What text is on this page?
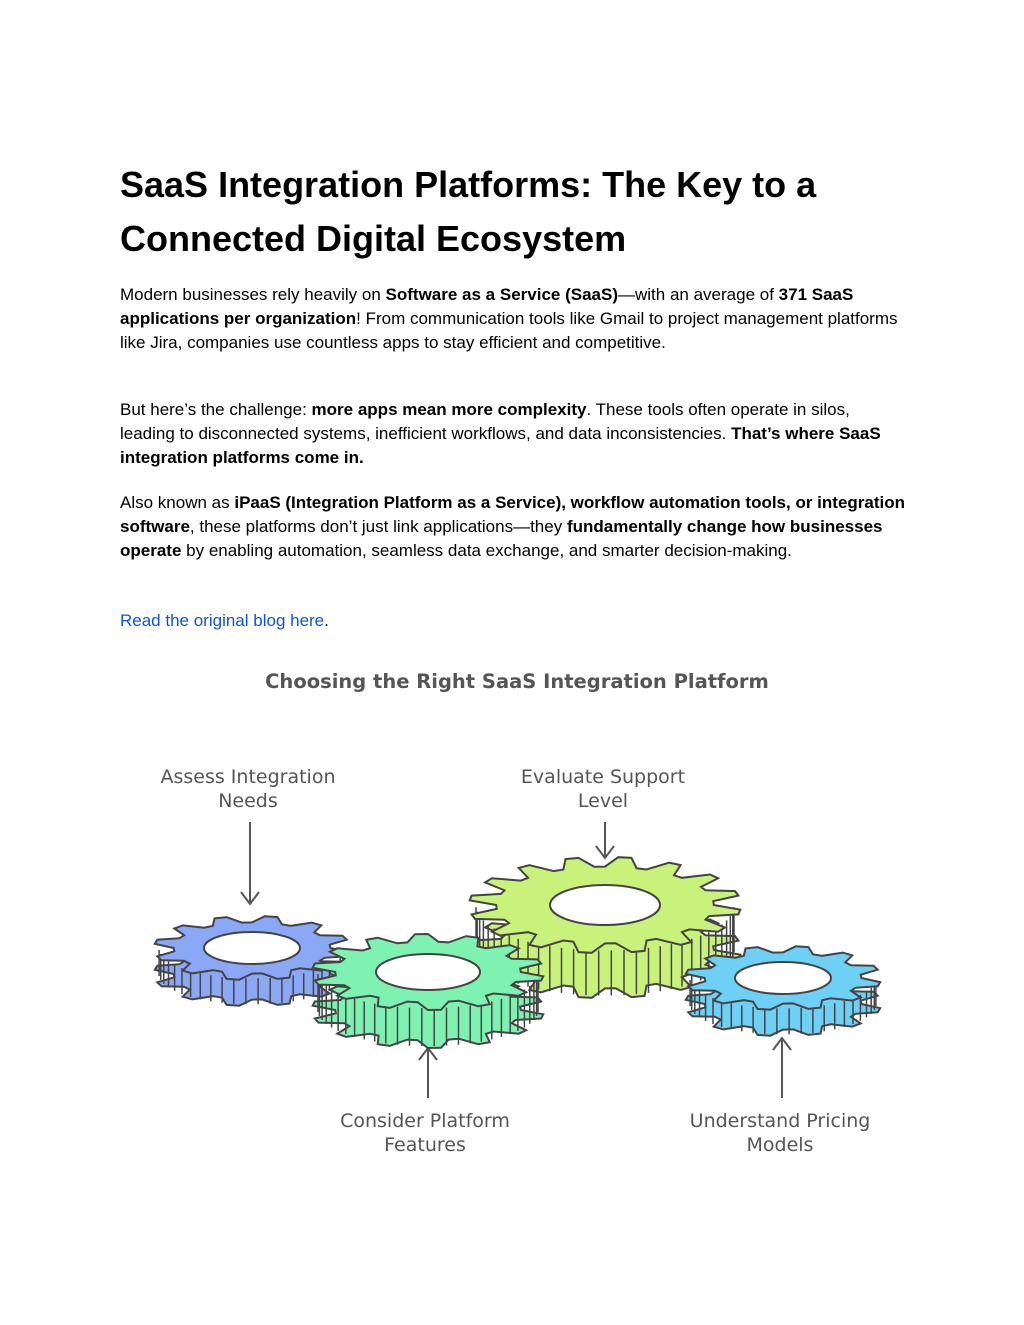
SaaS Integration Platforms: The Key to a Connected Digital Ecosystem

Modern businesses rely heavily on Software as a Service (SaaS)—with an average of 371 SaaS applications per organization! From communication tools like Gmail to project management platforms like Jira, companies use countless apps to stay efficient and competitive.

But here’s the challenge: more apps mean more complexity. These tools often operate in silos, leading to disconnected systems, inefficient workflows, and data inconsistencies. That’s where SaaS integration platforms come in.

Also known as iPaaS (Integration Platform as a Service), workflow automation tools, or integration software, these platforms don’t just link applications—they fundamentally change how businesses operate by enabling automation, seamless data exchange, and smarter decision-making.

Read the original blog here.

Choosing the Right SaaS Integration Platform
Assess Integration
Needs
Evaluate Support
Level
Consider Platform
Features
Understand Pricing
Models
